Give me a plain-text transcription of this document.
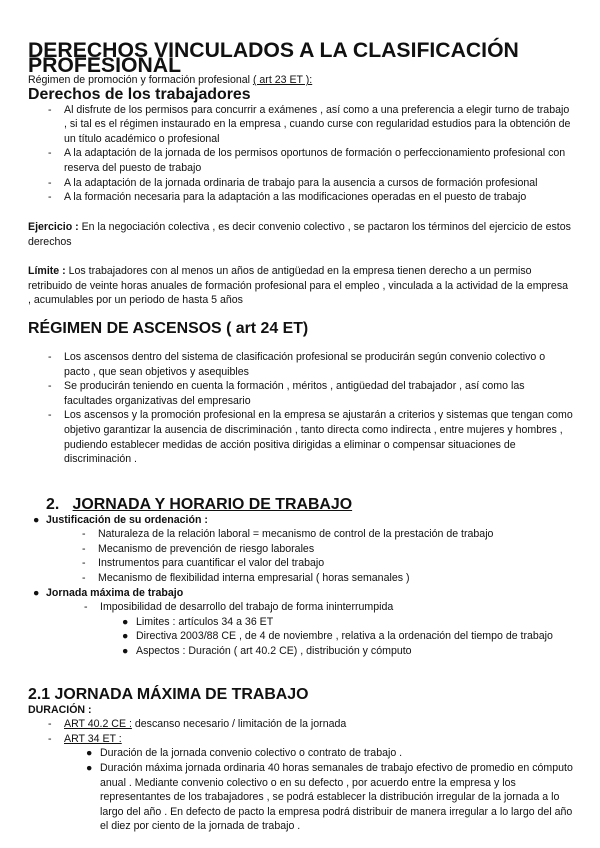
DERECHOS VINCULADOS A LA CLASIFICACIÓN PROFESIONAL

Régimen de promoción y formación profesional ( art 23 ET ):

Derechos de los trabajadores
- Al disfrute de los permisos para concurrir a exámenes , así como a una preferencia a elegir turno de trabajo , si tal es el régimen instaurado en la empresa , cuando curse con regularidad estudios para la obtención de un título académico o profesional
- A la adaptación de la jornada de los permisos oportunos de formación o perfeccionamiento profesional con reserva del puesto de trabajo
- A la adaptación de la jornada ordinaria de trabajo para la ausencia a cursos de formación profesional
- A la formación necesaria para la adaptación a las modificaciones operadas en el puesto de trabajo

Ejercicio : En la negociación colectiva , es decir convenio colectivo , se pactaron los términos del ejercicio de estos derechos

Límite : Los trabajadores con al menos un años de antigüedad en la empresa tienen derecho a un permiso retribuido de veinte horas anuales de formación profesional para el empleo , vinculada a la actividad de la empresa , acumulables por un periodo de hasta 5 años

RÉGIMEN DE ASCENSOS ( art 24 ET)
- Los ascensos dentro del sistema de clasificación profesional se producirán según convenio colectivo o pacto , que sean objetivos y asequibles
- Se producirán teniendo en cuenta la formación , méritos , antigüedad del trabajador , así como las facultades organizativas del empresario
- Los ascensos y la promoción profesional en la empresa se ajustarán a criterios y sistemas que tengan como objetivo garantizar la ausencia de discriminación , tanto directa como indirecta , entre mujeres y hombres , pudiendo establecer medidas de acción positiva dirigidas a eliminar o compensar situaciones de discriminación .
2. JORNADA Y HORARIO DE TRABAJO
● Justificación de su ordenación :
- Naturaleza de la relación laboral = mecanismo de control de la prestación de trabajo
- Mecanismo de prevención de riesgo laborales
- Instrumentos para cuantificar el valor del trabajo
- Mecanismo de flexibilidad interna empresarial ( horas semanales )
● Jornada máxima de trabajo
- Imposibilidad de desarrollo del trabajo de forma ininterrumpida
● Limites : artículos 34 a 36 ET
● Directiva 2003/88 CE , de 4 de noviembre , relativa a la ordenación del tiempo de trabajo
● Aspectos : Duración ( art 40.2 CE) , distribución y cómputo
2.1 JORNADA MÁXIMA DE TRABAJO

DURACIÓN :

- ART 40.2 CE : descanso necesario / limitación de la jornada
- ART 34 ET :
● Duración de la jornada convenio colectivo o contrato de trabajo .
● Duración máxima jornada ordinaria 40 horas semanales de trabajo efectivo de promedio en cómputo anual . Mediante convenio colectivo o en su defecto , por acuerdo entre la empresa y los representantes de los trabajadores , se podrá establecer la distribución irregular de la jornada a lo largo del año . En defecto de pacto la empresa podrá distribuir de manera irregular a lo largo del año el diez por ciento de la jornada de trabajo .
